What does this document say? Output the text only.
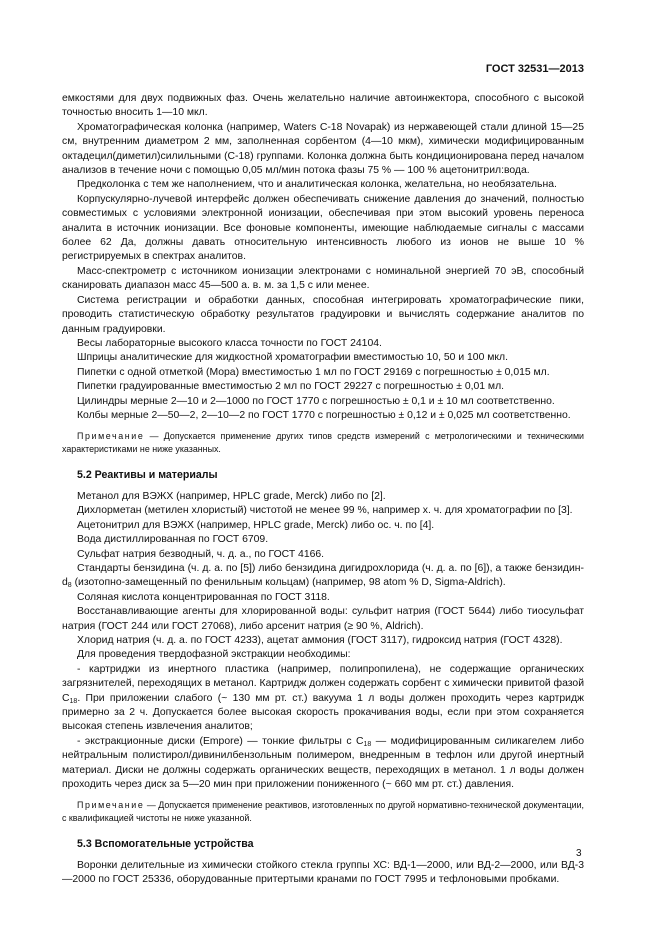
ГОСТ 32531—2013

емкостями для двух подвижных фаз. Очень желательно наличие автоинжектора, способного с высокой точностью вносить 1—10 мкл.

Хроматографическая колонка (например, Waters С-18 Novapak) из нержавеющей стали длиной 15—25 см, внутренним диаметром 2 мм, заполненная сорбентом (4—10 мкм), химически модифицированным октадецил(диметил)силильными (С-18) группами. Колонка должна быть кондиционирована перед началом анализов в течение ночи с помощью 0,05 мл/мин потока фазы 75 % — 100 % ацетонитрил:вода.

Предколонка с тем же наполнением, что и аналитическая колонка, желательна, но необязательна.

Корпускулярно-лучевой интерфейс должен обеспечивать снижение давления до значений, полностью совместимых с условиями электронной ионизации, обеспечивая при этом высокий уровень переноса аналита в источник ионизации. Все фоновые компоненты, имеющие наблюдаемые сигналы с массами более 62 Да, должны давать относительную интенсивность любого из ионов не выше 10 % регистрируемых в спектрах аналитов.

Масс-спектрометр с источником ионизации электронами с номинальной энергией 70 эВ, способный сканировать диапазон масс 45—500 а. в. м. за 1,5 с или менее.

Система регистрации и обработки данных, способная интегрировать хроматографические пики, проводить статистическую обработку результатов градуировки и вычислять содержание аналитов по данным градуировки.

Весы лабораторные высокого класса точности по ГОСТ 24104.

Шприцы аналитические для жидкостной хроматографии вместимостью 10, 50 и 100 мкл.

Пипетки с одной отметкой (Мора) вместимостью 1 мл по ГОСТ 29169 с погрешностью ± 0,015 мл.

Пипетки градуированные вместимостью 2 мл по ГОСТ 29227 с погрешностью ± 0,01 мл.

Цилиндры мерные 2—10 и 2—1000 по ГОСТ 1770 с погрешностью ± 0,1 и ± 10 мл соответственно.

Колбы мерные 2—50—2, 2—10—2 по ГОСТ 1770 с погрешностью ± 0,12 и ± 0,025 мл соответственно.

Примечание — Допускается применение других типов средств измерений с метрологическими и техническими характеристиками не ниже указанных.

5.2 Реактивы и материалы

Метанол для ВЭЖХ (например, HPLC grade, Merck) либо по [2].

Дихлорметан (метилен хлористый) чистотой не менее 99 %, например х. ч. для хроматографии по [3].

Ацетонитрил для ВЭЖХ (например, HPLC grade, Merck) либо ос. ч. по [4].

Вода дистиллированная по ГОСТ 6709.

Сульфат натрия безводный, ч. д. а., по ГОСТ 4166.

Стандарты бензидина (ч. д. а. по [5]) либо бензидина дигидрохлорида (ч. д. а. по [6]), а также бензидин-$d_8$ (изотопно-замещенный по фенильным кольцам) (например, 98 atom % D, Sigma-Aldrich).

Соляная кислота концентрированная по ГОСТ 3118.

Восстанавливающие агенты для хлорированной воды: сульфит натрия (ГОСТ 5644) либо тиосульфат натрия (ГОСТ 244 или ГОСТ 27068), либо арсенит натрия (≥ 90 %, Aldrich).

Хлорид натрия (ч. д. а. по ГОСТ 4233), ацетат аммония (ГОСТ 3117), гидроксид натрия (ГОСТ 4328).

Для проведения твердофазной экстракции необходимы:

- картриджи из инертного пластика (например, полипропилена), не содержащие органических загрязнителей, переходящих в метанол. Картридж должен содержать сорбент с химически привитой фазой $С_{18}$. При приложении слабого (~ 130 мм рт. ст.) вакуума 1 л воды должен проходить через картридж примерно за 2 ч. Допускается более высокая скорость прокачивания воды, если при этом сохраняется высокая степень извлечения аналитов;

- экстракционные диски (Empore) — тонкие фильтры с $С_{18}$ — модифицированным силикагелем либо нейтральным полистирол/дивинилбензольным полимером, внедренным в тефлон или другой инертный материал. Диски не должны содержать органических веществ, переходящих в метанол. 1 л воды должен проходить через диск за 5—20 мин при приложении пониженного (~ 660 мм рт. ст.) давления.

Примечание — Допускается применение реактивов, изготовленных по другой нормативно-технической документации, с квалификацией чистоты не ниже указанной.

5.3 Вспомогательные устройства

Воронки делительные из химически стойкого стекла группы ХС: ВД-1—2000, или ВД-2—2000, или ВД-3—2000 по ГОСТ 25336, оборудованные притертыми кранами по ГОСТ 7995 и тефлоновыми пробками.

3
